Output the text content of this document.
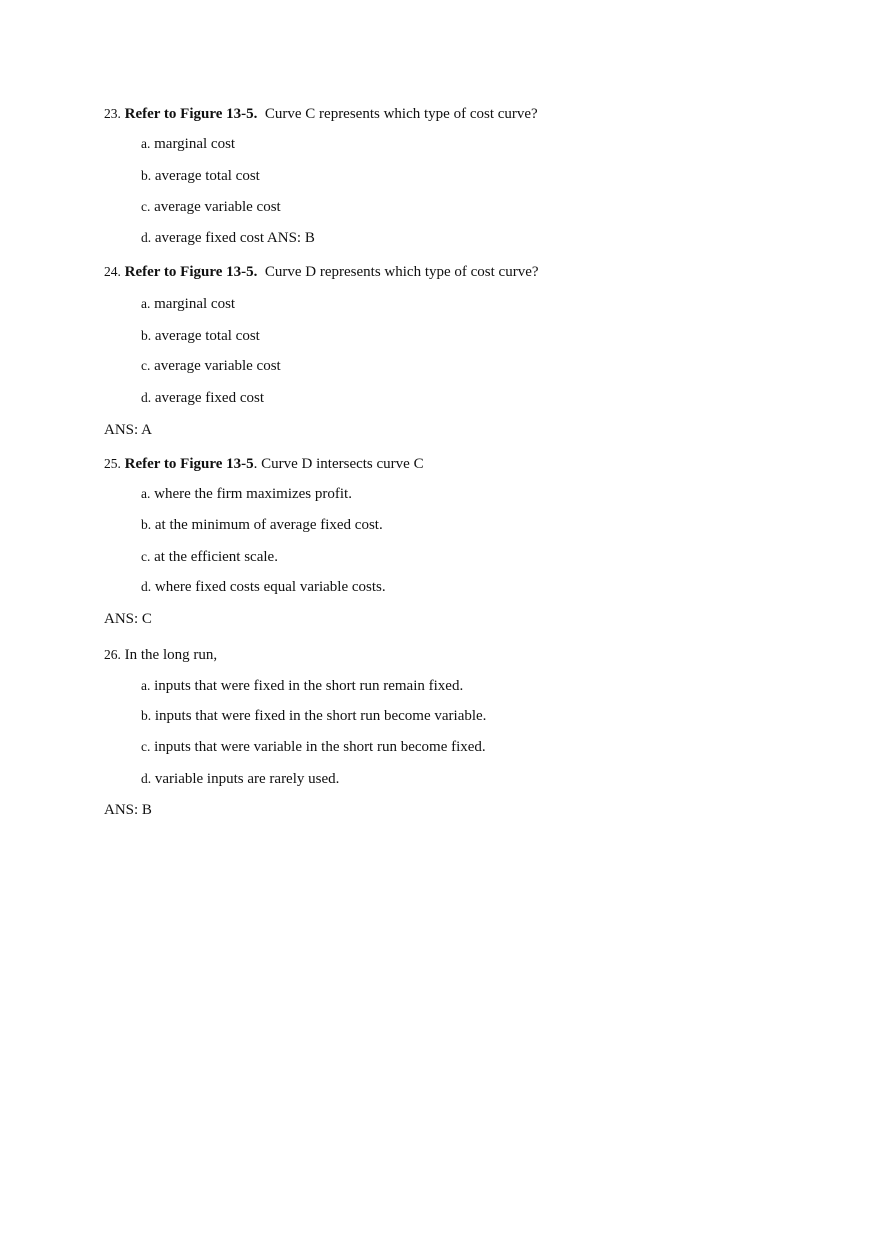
23. Refer to Figure 13-5.  Curve C represents which type of cost curve?
a. marginal cost
b. average total cost
c. average variable cost
d. average fixed cost ANS: B
24. Refer to Figure 13-5.  Curve D represents which type of cost curve?
a. marginal cost
b. average total cost
c. average variable cost
d. average fixed cost
ANS: A
25. Refer to Figure 13-5. Curve D intersects curve C
a. where the firm maximizes profit.
b. at the minimum of average fixed cost.
c. at the efficient scale.
d. where fixed costs equal variable costs.
ANS: C
26. In the long run,
a. inputs that were fixed in the short run remain fixed.
b. inputs that were fixed in the short run become variable.
c. inputs that were variable in the short run become fixed.
d. variable inputs are rarely used.
ANS: B
